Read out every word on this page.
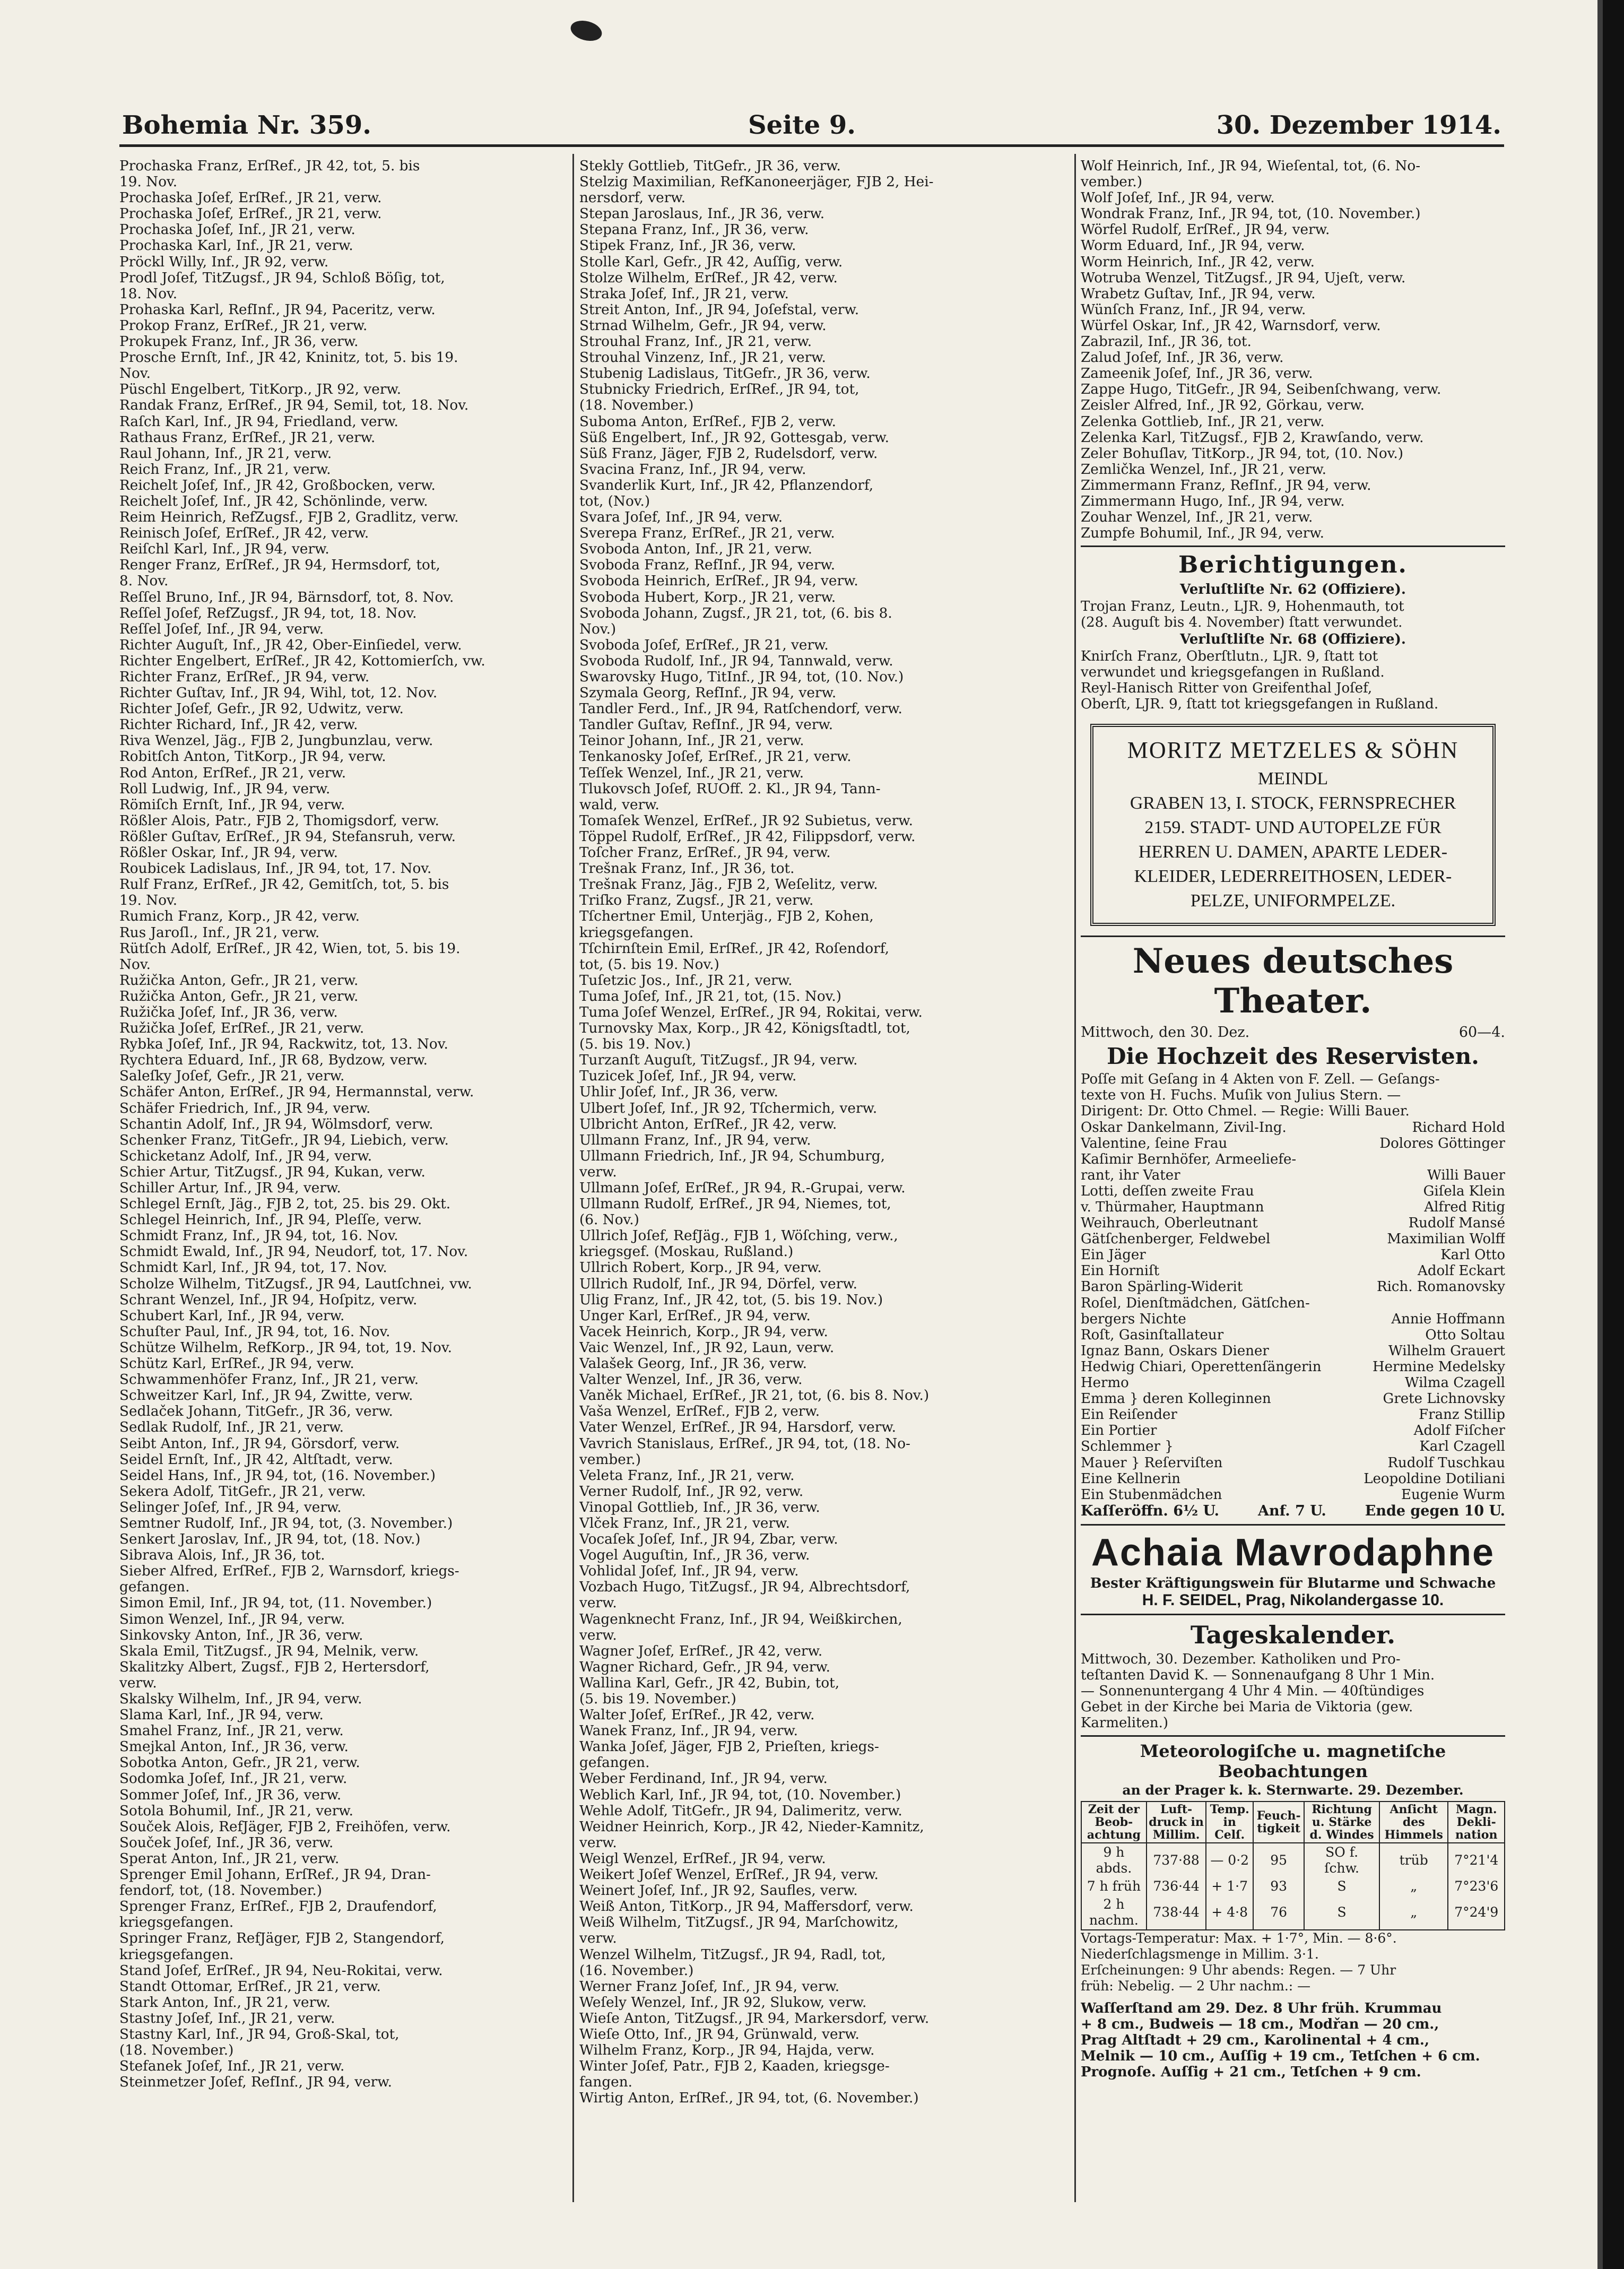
Bohemia Nr. 359.	Seite 9.	30. Dezember 1914.
Prochaska Franz, ErſRef., JR 42, tot, 5. bis
19. Nov.
Prochaska Joſef, ErſRef., JR 21, verw.
Prochaska Joſef, ErſRef., JR 21, verw.
Prochaska Joſef, Inf., JR 21, verw.
Prochaska Karl, Inf., JR 21, verw.
Pröckl Willy, Inf., JR 92, verw.
Prodl Joſef, TitZugsf., JR 94, Schloß Böſig, tot,
18. Nov.
Prohaska Karl, RefInf., JR 94, Paceritz, verw.
Prokop Franz, ErſRef., JR 21, verw.
Prokupek Franz, Inf., JR 36, verw.
Prosche Ernſt, Inf., JR 42, Kninitz, tot, 5. bis 19.
Nov.
Püschl Engelbert, TitKorp., JR 92, verw.
Randak Franz, ErſRef., JR 94, Semil, tot, 18. Nov.
Raſch Karl, Inf., JR 94, Friedland, verw.
Rathaus Franz, ErſRef., JR 21, verw.
Raul Johann, Inf., JR 21, verw.
Reich Franz, Inf., JR 21, verw.
Reichelt Joſef, Inf., JR 42, Großbocken, verw.
Reichelt Joſef, Inf., JR 42, Schönlinde, verw.
Reim Heinrich, RefZugsf., FJB 2, Gradlitz, verw.
Reinisch Joſef, ErſRef., JR 42, verw.
Reiſchl Karl, Inf., JR 94, verw.
Renger Franz, ErſRef., JR 94, Hermsdorf, tot,
8. Nov.
Reſſel Bruno, Inf., JR 94, Bärnsdorf, tot, 8. Nov.
Reſſel Joſef, RefZugsf., JR 94, tot, 18. Nov.
Reſſel Joſef, Inf., JR 94, verw.
Richter Auguſt, Inf., JR 42, Ober-Einſiedel, verw.
Richter Engelbert, ErſRef., JR 42, Kottomierſch, vw.
Richter Franz, ErſRef., JR 94, verw.
Richter Guſtav, Inf., JR 94, Wihl, tot, 12. Nov.
Richter Joſef, Gefr., JR 92, Udwitz, verw.
Richter Richard, Inf., JR 42, verw.
Riva Wenzel, Jäg., FJB 2, Jungbunzlau, verw.
Robitſch Anton, TitKorp., JR 94, verw.
Rod Anton, ErſRef., JR 21, verw.
Roll Ludwig, Inf., JR 94, verw.
Römiſch Ernſt, Inf., JR 94, verw.
Rößler Alois, Patr., FJB 2, Thomigsdorf, verw.
Rößler Guſtav, ErſRef., JR 94, Stefansruh, verw.
Rößler Oskar, Inf., JR 94, verw.
Roubicek Ladislaus, Inf., JR 94, tot, 17. Nov.
Rulf Franz, ErſRef., JR 42, Gemitſch, tot, 5. bis
19. Nov.
Rumich Franz, Korp., JR 42, verw.
Rus Jaroſl., Inf., JR 21, verw.
Rütſch Adolf, ErſRef., JR 42, Wien, tot, 5. bis 19.
Nov.
Ružička Anton, Gefr., JR 21, verw.
Ružička Anton, Gefr., JR 21, verw.
Ružička Joſef, Inf., JR 36, verw.
Ružička Joſef, ErſRef., JR 21, verw.
Rybka Joſef, Inf., JR 94, Rackwitz, tot, 13. Nov.
Rychtera Eduard, Inf., JR 68, Bydzow, verw.
Saleſky Joſef, Gefr., JR 21, verw.
Schäfer Anton, ErſRef., JR 94, Hermannstal, verw.
Schäfer Friedrich, Inf., JR 94, verw.
Schantin Adolf, Inf., JR 94, Wölmsdorf, verw.
Schenker Franz, TitGefr., JR 94, Liebich, verw.
Schicketanz Adolf, Inf., JR 94, verw.
Schier Artur, TitZugsf., JR 94, Kukan, verw.
Schiller Artur, Inf., JR 94, verw.
Schlegel Ernſt, Jäg., FJB 2, tot, 25. bis 29. Okt.
Schlegel Heinrich, Inf., JR 94, Pleſſe, verw.
Schmidt Franz, Inf., JR 94, tot, 16. Nov.
Schmidt Ewald, Inf., JR 94, Neudorf, tot, 17. Nov.
Schmidt Karl, Inf., JR 94, tot, 17. Nov.
Scholze Wilhelm, TitZugsf., JR 94, Lautſchnei, vw.
Schrant Wenzel, Inf., JR 94, Hoſpitz, verw.
Schubert Karl, Inf., JR 94, verw.
Schuſter Paul, Inf., JR 94, tot, 16. Nov.
Schütze Wilhelm, RefKorp., JR 94, tot, 19. Nov.
Schütz Karl, ErſRef., JR 94, verw.
Schwammenhöfer Franz, Inf., JR 21, verw.
Schweitzer Karl, Inf., JR 94, Zwitte, verw.
Sedlaček Johann, TitGefr., JR 36, verw.
Sedlak Rudolf, Inf., JR 21, verw.
Seibt Anton, Inf., JR 94, Görsdorf, verw.
Seidel Ernſt, Inf., JR 42, Altſtadt, verw.
Seidel Hans, Inf., JR 94, tot, (16. November.)
Sekera Adolf, TitGefr., JR 21, verw.
Selinger Joſef, Inf., JR 94, verw.
Semtner Rudolf, Inf., JR 94, tot, (3. November.)
Senkert Jaroslav, Inf., JR 94, tot, (18. Nov.)
Sibrava Alois, Inf., JR 36, tot.
Sieber Alfred, ErſRef., FJB 2, Warnsdorf, kriegs-
gefangen.
Simon Emil, Inf., JR 94, tot, (11. November.)
Simon Wenzel, Inf., JR 94, verw.
Sinkovsky Anton, Inf., JR 36, verw.
Skala Emil, TitZugsf., JR 94, Melnik, verw.
Skalitzky Albert, Zugsf., FJB 2, Hertersdorf,
verw.
Skalsky Wilhelm, Inf., JR 94, verw.
Slama Karl, Inf., JR 94, verw.
Smahel Franz, Inf., JR 21, verw.
Smejkal Anton, Inf., JR 36, verw.
Sobotka Anton, Gefr., JR 21, verw.
Sodomka Joſef, Inf., JR 21, verw.
Sommer Joſef, Inf., JR 36, verw.
Sotola Bohumil, Inf., JR 21, verw.
Souček Alois, RefJäger, FJB 2, Freihöfen, verw.
Souček Joſef, Inf., JR 36, verw.
Sperat Anton, Inf., JR 21, verw.
Sprenger Emil Johann, ErſRef., JR 94, Dran-
fendorf, tot, (18. November.)
Sprenger Franz, ErſRef., FJB 2, Draufendorf,
kriegsgefangen.
Springer Franz, RefJäger, FJB 2, Stangendorf,
kriegsgefangen.
Stand Joſef, ErſRef., JR 94, Neu-Rokitai, verw.
Standt Ottomar, ErſRef., JR 21, verw.
Stark Anton, Inf., JR 21, verw.
Stastny Joſef, Inf., JR 21, verw.
Stastny Karl, Inf., JR 94, Groß-Skal, tot,
(18. November.)
Stefanek Joſef, Inf., JR 21, verw.
Steinmetzer Joſef, RefInf., JR 94, verw.
Stekly Gottlieb, TitGefr., JR 36, verw.
Stelzig Maximilian, RefKanoneerjäger, FJB 2, Hei-
nersdorf, verw.
Stepan Jaroslaus, Inf., JR 36, verw.
Stepana Franz, Inf., JR 36, verw.
Stipek Franz, Inf., JR 36, verw.
Stolle Karl, Gefr., JR 42, Auſſig, verw.
Stolze Wilhelm, ErſRef., JR 42, verw.
Straka Joſef, Inf., JR 21, verw.
Streit Anton, Inf., JR 94, Joſefstal, verw.
Strnad Wilhelm, Gefr., JR 94, verw.
Strouhal Franz, Inf., JR 21, verw.
Strouhal Vinzenz, Inf., JR 21, verw.
Stubenig Ladislaus, TitGefr., JR 36, verw.
Stubnicky Friedrich, ErſRef., JR 94, tot,
(18. November.)
Suboma Anton, ErſRef., FJB 2, verw.
Süß Engelbert, Inf., JR 92, Gottesgab, verw.
Süß Franz, Jäger, FJB 2, Rudelsdorf, verw.
Svacina Franz, Inf., JR 94, verw.
Svanderlik Kurt, Inf., JR 42, Pflanzendorf,
tot, (Nov.)
Svara Joſef, Inf., JR 94, verw.
Sverepa Franz, ErſRef., JR 21, verw.
Svoboda Anton, Inf., JR 21, verw.
Svoboda Franz, RefInf., JR 94, verw.
Svoboda Heinrich, ErſRef., JR 94, verw.
Svoboda Hubert, Korp., JR 21, verw.
Svoboda Johann, Zugsf., JR 21, tot, (6. bis 8.
Nov.)
Svoboda Joſef, ErſRef., JR 21, verw.
Svoboda Rudolf, Inf., JR 94, Tannwald, verw.
Swarovsky Hugo, TitInf., JR 94, tot, (10. Nov.)
Szymala Georg, RefInf., JR 94, verw.
Tandler Ferd., Inf., JR 94, Ratſchendorf, verw.
Tandler Guſtav, RefInf., JR 94, verw.
Teinor Johann, Inf., JR 21, verw.
Tenkanosky Joſef, ErſRef., JR 21, verw.
Teſſek Wenzel, Inf., JR 21, verw.
Tlukovsch Joſef, RUOff. 2. Kl., JR 94, Tann-
wald, verw.
Tomaſek Wenzel, ErſRef., JR 92 Subietus, verw.
Töppel Rudolf, ErſRef., JR 42, Filippsdorf, verw.
Toſcher Franz, ErſRef., JR 94, verw.
Trešnak Franz, Inf., JR 36, tot.
Trešnak Franz, Jäg., FJB 2, Weſelitz, verw.
Triſko Franz, Zugsf., JR 21, verw.
Tſchertner Emil, Unterjäg., FJB 2, Kohen,
kriegsgefangen.
Tſchirnſtein Emil, ErſRef., JR 42, Roſendorf,
tot, (5. bis 19. Nov.)
Tuſetzic Jos., Inf., JR 21, verw.
Tuma Joſef, Inf., JR 21, tot, (15. Nov.)
Tuma Joſef Wenzel, ErſRef., JR 94, Rokitai, verw.
Turnovsky Max, Korp., JR 42, Königsſtadtl, tot,
(5. bis 19. Nov.)
Turzanſt Auguſt, TitZugsf., JR 94, verw.
Tuzicek Joſef, Inf., JR 94, verw.
Uhlir Joſef, Inf., JR 36, verw.
Ulbert Joſef, Inf., JR 92, Tſchermich, verw.
Ulbricht Anton, ErſRef., JR 42, verw.
Ullmann Franz, Inf., JR 94, verw.
Ullmann Friedrich, Inf., JR 94, Schumburg,
verw.
Ullmann Joſef, ErſRef., JR 94, R.-Grupai, verw.
Ullmann Rudolf, ErſRef., JR 94, Niemes, tot,
(6. Nov.)
Ullrich Joſef, RefJäg., FJB 1, Wöſching, verw.,
kriegsgef. (Moskau, Rußland.)
Ullrich Robert, Korp., JR 94, verw.
Ullrich Rudolf, Inf., JR 94, Dörfel, verw.
Ulig Franz, Inf., JR 42, tot, (5. bis 19. Nov.)
Unger Karl, ErſRef., JR 94, verw.
Vacek Heinrich, Korp., JR 94, verw.
Vaic Wenzel, Inf., JR 92, Laun, verw.
Valašek Georg, Inf., JR 36, verw.
Valter Wenzel, Inf., JR 36, verw.
Vaněk Michael, ErſRef., JR 21, tot, (6. bis 8. Nov.)
Vaša Wenzel, ErſRef., FJB 2, verw.
Vater Wenzel, ErſRef., JR 94, Harsdorf, verw.
Vavrich Stanislaus, ErſRef., JR 94, tot, (18. No-
vember.)
Veleta Franz, Inf., JR 21, verw.
Verner Rudolf, Inf., JR 92, verw.
Vinopal Gottlieb, Inf., JR 36, verw.
Vlček Franz, Inf., JR 21, verw.
Vocaſek Joſef, Inf., JR 94, Zbar, verw.
Vogel Auguſtin, Inf., JR 36, verw.
Vohlidal Joſef, Inf., JR 94, verw.
Vozbach Hugo, TitZugsf., JR 94, Albrechtsdorf,
verw.
Wagenknecht Franz, Inf., JR 94, Weißkirchen,
verw.
Wagner Joſef, ErſRef., JR 42, verw.
Wagner Richard, Gefr., JR 94, verw.
Wallina Karl, Gefr., JR 42, Bubin, tot,
(5. bis 19. November.)
Walter Joſef, ErſRef., JR 42, verw.
Wanek Franz, Inf., JR 94, verw.
Wanka Joſef, Jäger, FJB 2, Prieſten, kriegs-
gefangen.
Weber Ferdinand, Inf., JR 94, verw.
Weblich Karl, Inf., JR 94, tot, (10. November.)
Wehle Adolf, TitGefr., JR 94, Dalimeritz, verw.
Weidner Heinrich, Korp., JR 42, Nieder-Kamnitz,
verw.
Weigl Wenzel, ErſRef., JR 94, verw.
Weikert Joſef Wenzel, ErſRef., JR 94, verw.
Weinert Joſef, Inf., JR 92, Saufles, verw.
Weiß Anton, TitKorp., JR 94, Maffersdorf, verw.
Weiß Wilhelm, TitZugsf., JR 94, Marſchowitz,
verw.
Wenzel Wilhelm, TitZugsf., JR 94, Radl, tot,
(16. November.)
Werner Franz Joſef, Inf., JR 94, verw.
Weſely Wenzel, Inf., JR 92, Slukow, verw.
Wieſe Anton, TitZugsf., JR 94, Markersdorf, verw.
Wieſe Otto, Inf., JR 94, Grünwald, verw.
Wilhelm Franz, Korp., JR 94, Hajda, verw.
Winter Joſef, Patr., FJB 2, Kaaden, kriegsge-
fangen.
Wirtig Anton, ErſRef., JR 94, tot, (6. November.)
Wolf Heinrich, Inf., JR 94, Wieſental, tot, (6. No-
vember.)
Wolf Joſef, Inf., JR 94, verw.
Wondrak Franz, Inf., JR 94, tot, (10. November.)
Wörfel Rudolf, ErſRef., JR 94, verw.
Worm Eduard, Inf., JR 94, verw.
Worm Heinrich, Inf., JR 42, verw.
Wotruba Wenzel, TitZugsf., JR 94, Ujeſt, verw.
Wrabetz Guſtav, Inf., JR 94, verw.
Wünſch Franz, Inf., JR 94, verw.
Würfel Oskar, Inf., JR 42, Warnsdorf, verw.
Zabrazil, Inf., JR 36, tot.
Zalud Joſef, Inf., JR 36, verw.
Zameenik Joſef, Inf., JR 36, verw.
Zappe Hugo, TitGefr., JR 94, Seibenſchwang, verw.
Zeisler Alfred, Inf., JR 92, Görkau, verw.
Zelenka Gottlieb, Inf., JR 21, verw.
Zelenka Karl, TitZugsf., FJB 2, Krawſando, verw.
Zeler Bohuſlav, TitKorp., JR 94, tot, (10. Nov.)
Zemlička Wenzel, Inf., JR 21, verw.
Zimmermann Franz, RefInf., JR 94, verw.
Zimmermann Hugo, Inf., JR 94, verw.
Zouhar Wenzel, Inf., JR 21, verw.
Zumpfe Bohumil, Inf., JR 94, verw.
Berichtigungen.
Verluſtliſte Nr. 62 (Offiziere).
Trojan Franz, Leutn., LJR. 9, Hohenmauth, tot
(28. Auguſt bis 4. November) ſtatt verwundet.
Verluſtliſte Nr. 68 (Offiziere).
Knirſch Franz, Oberſtlutn., LJR. 9, ſtatt tot
verwundet und kriegsgefangen in Rußland.
Reyl-Hanisch Ritter von Greifenthal Joſef,
Oberſt, LJR. 9, ſtatt tot kriegsgefangen in Rußland.
MORITZ METZELES & SÖHN
MEINDL
GRABEN 13, I. STOCK, FERNSPRECHER
2159. STADT- UND AUTOPELZE FÜR
HERREN U. DAMEN, APARTE LEDER-
KLEIDER, LEDERREITHOSEN, LEDER-
PELZE, UNIFORMPELZE.
Neues deutsches Theater.
Mittwoch, den 30. Dez.	60—4.
Die Hochzeit des Reservisten.
Poſſe mit Geſang in 4 Akten von F. Zell. — Geſangs-
texte von H. Fuchs. Muſik von Julius Stern. —
Dirigent: Dr. Otto Chmel. — Regie: Willi Bauer.
Oskar Dankelmann, Zivil-Ing.	Richard Hold
Valentine, ſeine Frau	Dolores Göttinger
Kaſimir Bernhöfer, Armeeliefe-
rant, ihr Vater	Willi Bauer
Lotti, deſſen zweite Frau	Giſela Klein
v. Thürmaher, Hauptmann	Alfred Ritig
Weihrauch, Oberleutnant	Rudolf Mansé
Gätſchenberger, Feldwebel	Maximilian Wolff
Ein Jäger	Karl Otto
Ein Horniſt	Adolf Eckart
Baron Spärling-Widerit	Rich. Romanovsky
Roſel, Dienſtmädchen, Gätſchen-
bergers Nichte	Annie Hoffmann
Roſt, Gasinſtallateur	Otto Soltau
Ignaz Bann, Oskars Diener	Wilhelm Grauert
Hedwig Chiari, Operettenſängerin	Hermine Medelsky
Hermo	Wilma Czagell
Emma } deren Kolleginnen	Grete Lichnovsky
Ein Reiſender	Franz Stillip
Ein Portier	Adolf Fiſcher
Schlemmer }	Karl Czagell
Mauer } Reſerviſten	Rudolf Tuschkau
Eine Kellnerin	Leopoldine Dotiliani
Ein Stubenmädchen	Eugenie Wurm
Kaſſeröffn. 6½ U.	Anf. 7 U.	Ende gegen 10 U.
Achaia Mavrodaphne
Bester Kräftigungswein für Blutarme und Schwache
H. F. SEIDEL, Prag, Nikolandergasse 10.
Tageskalender.
Mittwoch, 30. Dezember. Katholiken und Pro-
teſtanten David K. — Sonnenaufgang 8 Uhr 1 Min.
— Sonnenuntergang 4 Uhr 4 Min. — 40ſtündiges
Gebet in der Kirche bei Maria de Viktoria (gew.
Karmeliten.)
Meteorologiſche u. magnetiſche Beobachtungen
an der Prager k. k. Sternwarte. 29. Dezember.
Zeit der Beob-achtung	Luft-druck in Millim.	Temp. in Celſ.	Feuch-tigkeit	Richtung u. Stärke d. Windes	Anſicht des Himmels	Magn. Dekli-nation
9 h abds.	737·88	— 0·2	95	SO f. ſchw.	trüb	7°21'4
7 h früh	736·44	+ 1·7	93	S	„	7°23'6
2 h nachm.	738·44	+ 4·8	76	S	„	7°24'9
Vortags-Temperatur: Max. + 1·7°, Min. — 8·6°.
Niederſchlagsmenge in Millim. 3·1.
Erſcheinungen: 9 Uhr abends: Regen. — 7 Uhr
früh: Nebelig. — 2 Uhr nachm.: —
Waſſerſtand am 29. Dez. 8 Uhr früh. Krummau
+ 8 cm., Budweis — 18 cm., Modřan — 20 cm.,
Prag Altſtadt + 29 cm., Karolinental + 4 cm.,
Melnik — 10 cm., Auſſig + 19 cm., Tetſchen + 6 cm.
Prognoſe. Auſſig + 21 cm., Tetſchen + 9 cm.
